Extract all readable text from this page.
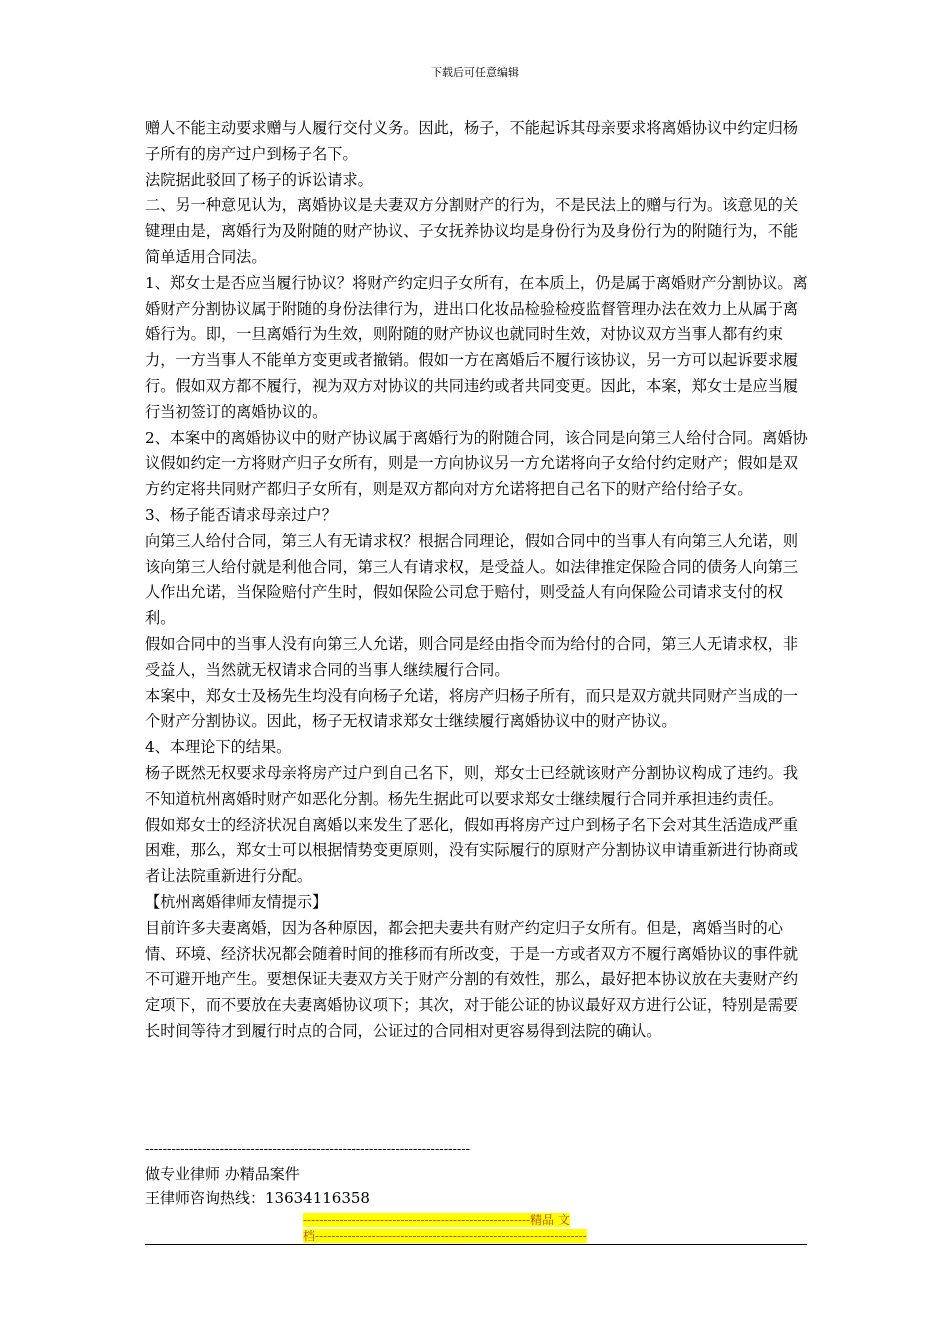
下载后可任意编辑

赠人不能主动要求赠与人履行交付义务。因此，杨子，不能起诉其母亲要求将离婚协议中约定归杨子所有的房产过户到杨子名下。

法院据此驳回了杨子的诉讼请求。

二、另一种意见认为，离婚协议是夫妻双方分割财产的行为，不是民法上的赠与行为。该意见的关键理由是，离婚行为及附随的财产协议、子女抚养协议均是身份行为及身份行为的附随行为，不能简单适用合同法。

1、郑女士是否应当履行协议？将财产约定归子女所有，在本质上，仍是属于离婚财产分割协议。离婚财产分割协议属于附随的身份法律行为，进出口化妆品检验检疫监督管理办法在效力上从属于离婚行为。即，一旦离婚行为生效，则附随的财产协议也就同时生效，对协议双方当事人都有约束力，一方当事人不能单方变更或者撤销。假如一方在离婚后不履行该协议，另一方可以起诉要求履行。假如双方都不履行，视为双方对协议的共同违约或者共同变更。因此，本案，郑女士是应当履行当初签订的离婚协议的。

2、本案中的离婚协议中的财产协议属于离婚行为的附随合同，该合同是向第三人给付合同。离婚协议假如约定一方将财产归子女所有，则是一方向协议另一方允诺将向子女给付约定财产；假如是双方约定将共同财产都归子女所有，则是双方都向对方允诺将把自己名下的财产给付给子女。

3、杨子能否请求母亲过户？

向第三人给付合同，第三人有无请求权？根据合同理论，假如合同中的当事人有向第三人允诺，则该向第三人给付就是利他合同，第三人有请求权，是受益人。如法律推定保险合同的债务人向第三人作出允诺，当保险赔付产生时，假如保险公司怠于赔付，则受益人有向保险公司请求支付的权利。

假如合同中的当事人没有向第三人允诺，则合同是经由指令而为给付的合同，第三人无请求权，非受益人，当然就无权请求合同的当事人继续履行合同。

本案中，郑女士及杨先生均没有向杨子允诺，将房产归杨子所有，而只是双方就共同财产当成的一个财产分割协议。因此，杨子无权请求郑女士继续履行离婚协议中的财产协议。

4、本理论下的结果。

杨子既然无权要求母亲将房产过户到自己名下，则，郑女士已经就该财产分割协议构成了违约。我不知道杭州离婚时财产如恶化分割。杨先生据此可以要求郑女士继续履行合同并承担违约责任。

假如郑女士的经济状况自离婚以来发生了恶化，假如再将房产过户到杨子名下会对其生活造成严重困难，那么，郑女士可以根据情势变更原则，没有实际履行的原财产分割协议申请重新进行协商或者让法院重新进行分配。

【杭州离婚律师友情提示】

目前许多夫妻离婚，因为各种原因，都会把夫妻共有财产约定归子女所有。但是，离婚当时的心情、环境、经济状况都会随着时间的推移而有所改变，于是一方或者双方不履行离婚协议的事件就不可避开地产生。要想保证夫妻双方关于财产分割的有效性，那么，最好把本协议放在夫妻财产约定项下，而不要放在夫妻离婚协议项下；其次，对于能公证的协议最好双方进行公证，特别是需要长时间等待才到履行时点的合同，公证过的合同相对更容易得到法院的确认。

--------------------------------------------------------------------------

做专业律师 办精品案件

王律师咨询热线：13634116358

--------------------------------------------------------精品 文
档-------------------------------------------------------------------
